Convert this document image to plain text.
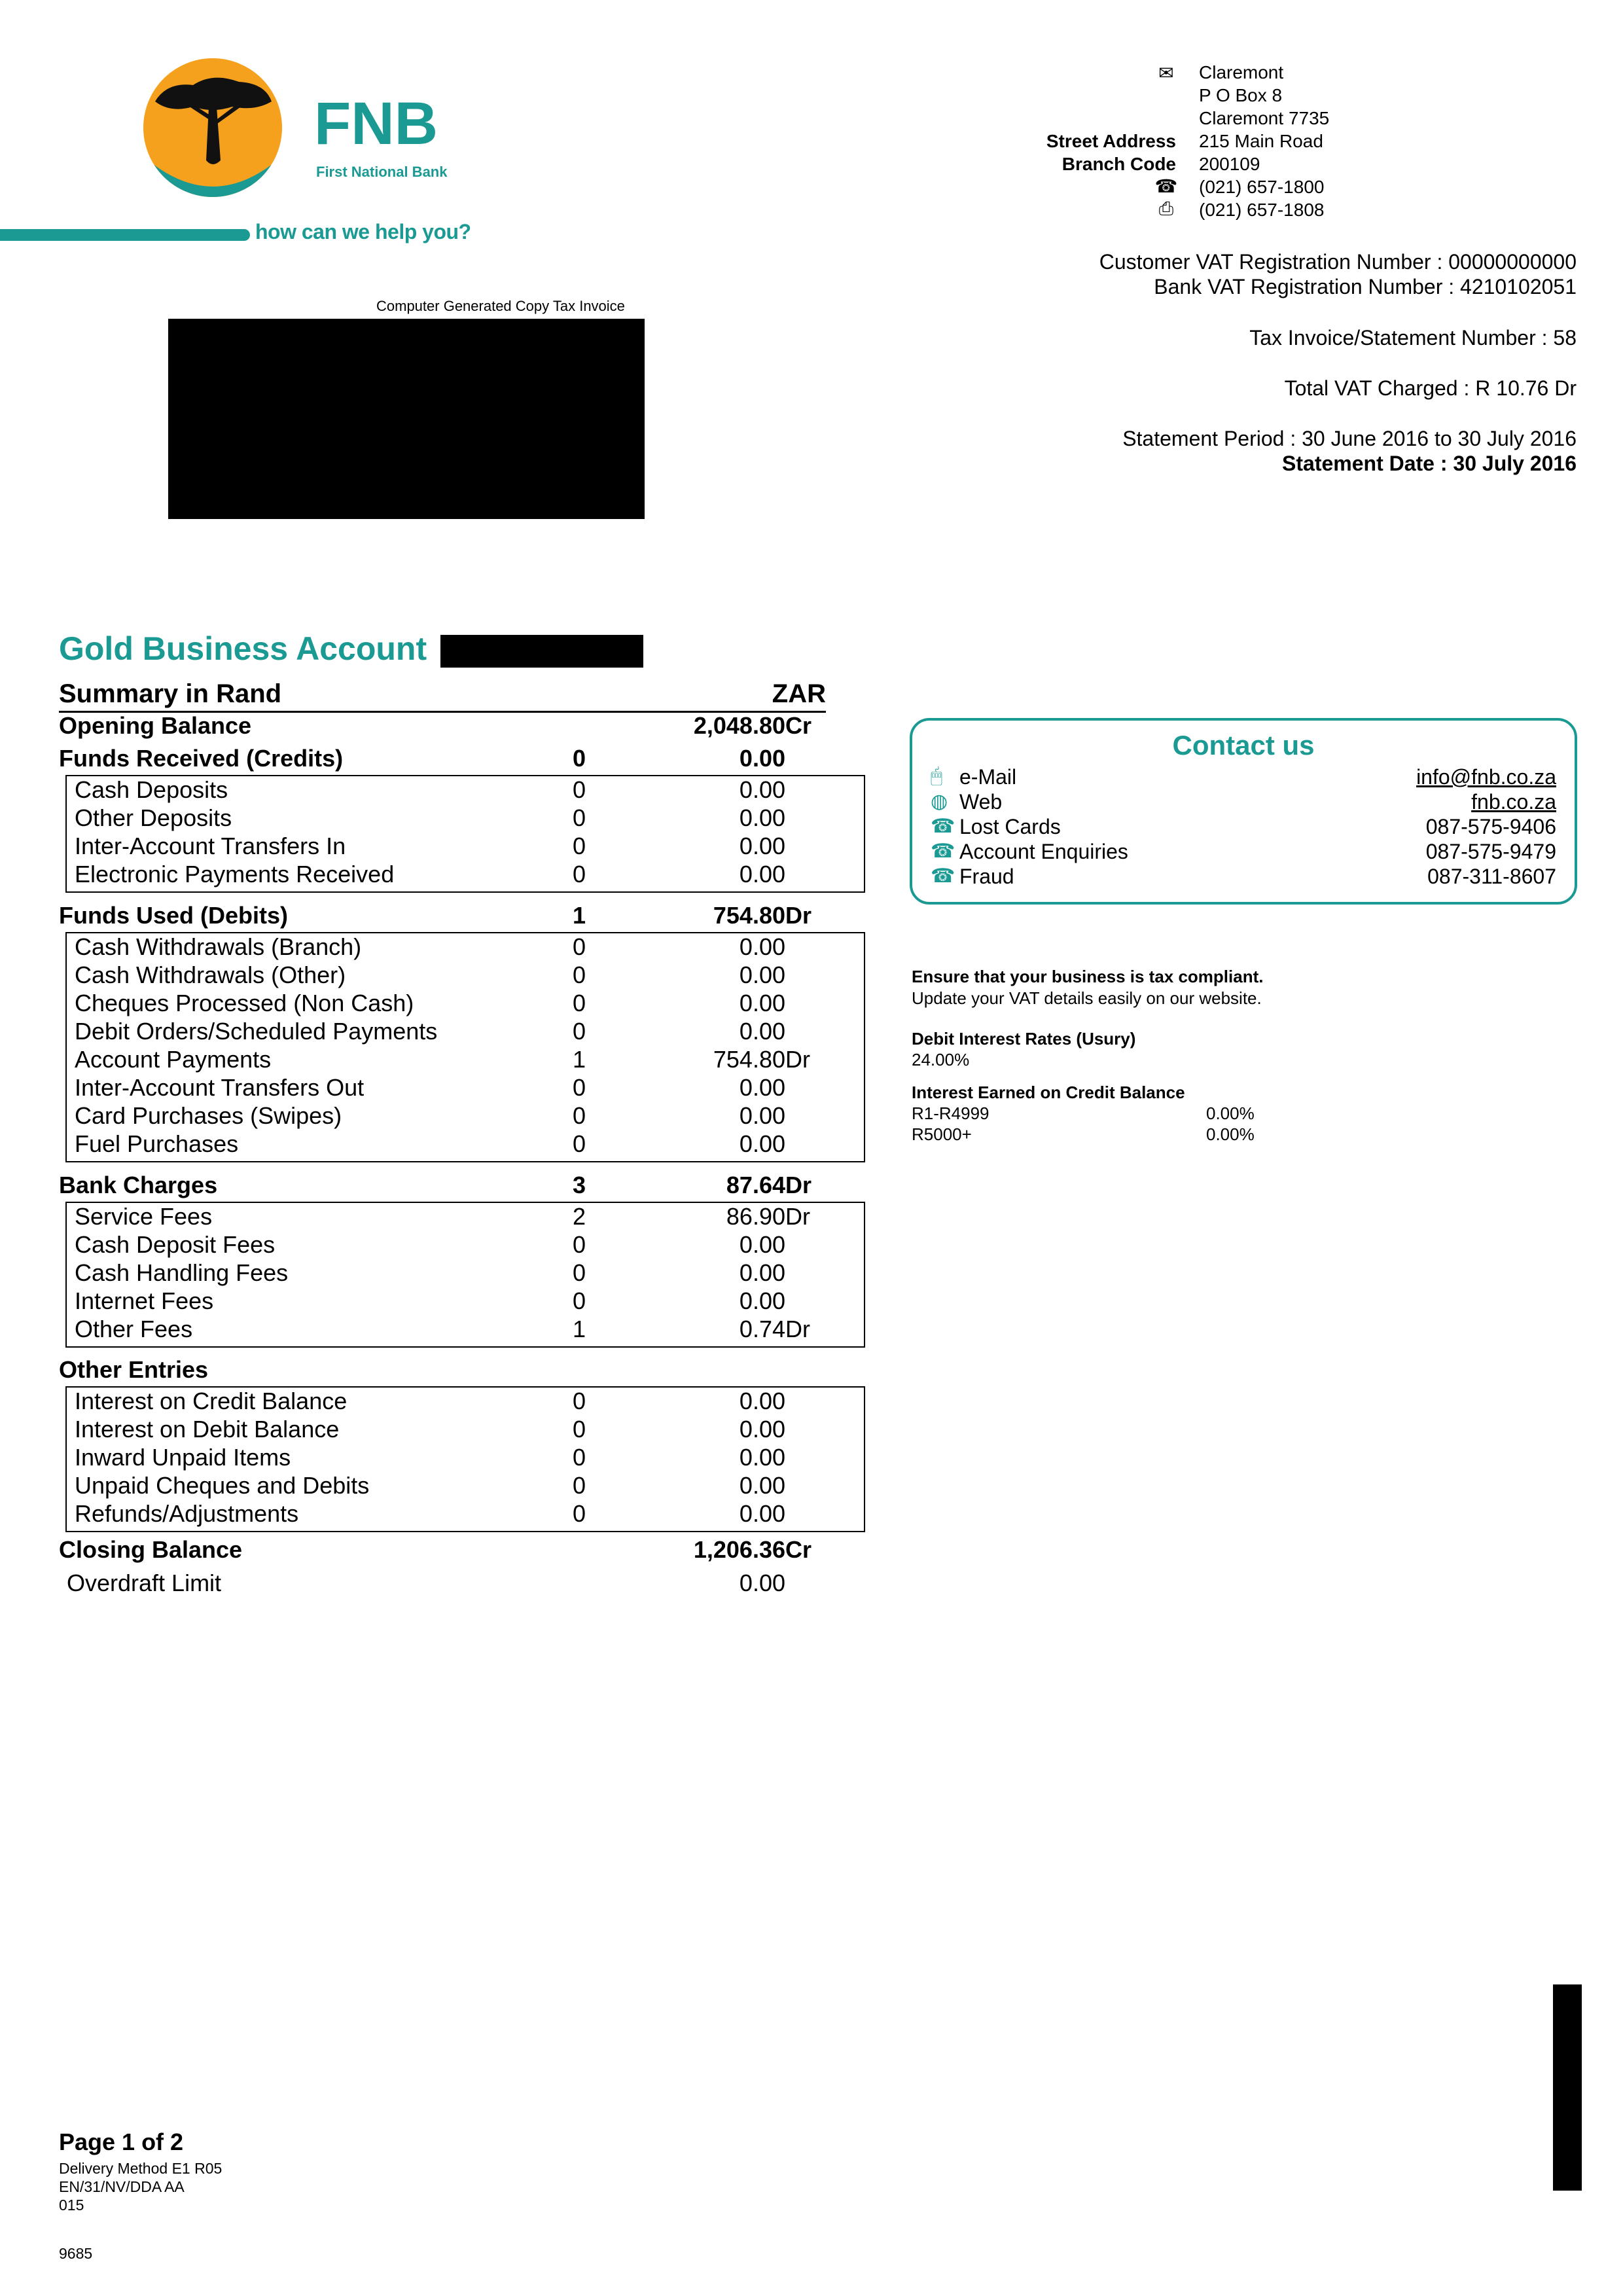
FNB
First National Bank
how can we help you?
✉ Claremont
P O Box 8
Claremont 7735
Street Address 215 Main Road
Branch Code 200109
☎ (021) 657-1800
⎙	(021) 657-1808
Customer VAT Registration Number : 00000000000
Bank VAT Registration Number : 4210102051
Tax Invoice/Statement Number : 58
Total VAT Charged : R 10.76 Dr
Statement Period : 30 June 2016 to 30 July 2016
Statement Date : 30 July 2016
Computer Generated Copy Tax Invoice
Gold Business Account
Summary in Rand	ZAR
Opening Balance	2,048.80 Cr
Funds Received (Credits)	0	0.00
Cash Deposits	0	0.00
Other Deposits	0	0.00
Inter-Account Transfers In	0	0.00
Electronic Payments Received	0	0.00
Funds Used (Debits)	1	754.80 Dr
Cash Withdrawals (Branch)	0	0.00
Cash Withdrawals (Other)	0	0.00
Cheques Processed (Non Cash)	0	0.00
Debit Orders/Scheduled Payments	0	0.00
Account Payments	1	754.80 Dr
Inter-Account Transfers Out	0	0.00
Card Purchases (Swipes)	0	0.00
Fuel Purchases	0	0.00
Bank Charges	3	87.64 Dr
Service Fees	2	86.90 Dr
Cash Deposit Fees	0	0.00
Cash Handling Fees	0	0.00
Internet Fees	0	0.00
Other Fees	1	0.74 Dr
Other Entries
Interest on Credit Balance	0	0.00
Interest on Debit Balance	0	0.00
Inward Unpaid Items	0	0.00
Unpaid Cheques and Debits	0	0.00
Refunds/Adjustments	0	0.00
Closing Balance	1,206.36 Cr
Overdraft Limit	0.00
Contact us
🖱 e-Mail	info@fnb.co.za
◍ Web	fnb.co.za
☎ Lost Cards	087-575-9406
☎ Account Enquiries	087-575-9479
☎ Fraud	087-311-8607
Ensure that your business is tax compliant.
Update your VAT details easily on our website.
Debit Interest Rates (Usury)
24.00%
Interest Earned on Credit Balance
R1-R4999	0.00%
R5000+	0.00%
Page 1 of 2
Delivery Method E1 R05
EN/31/NV/DDA AA
015
9685
